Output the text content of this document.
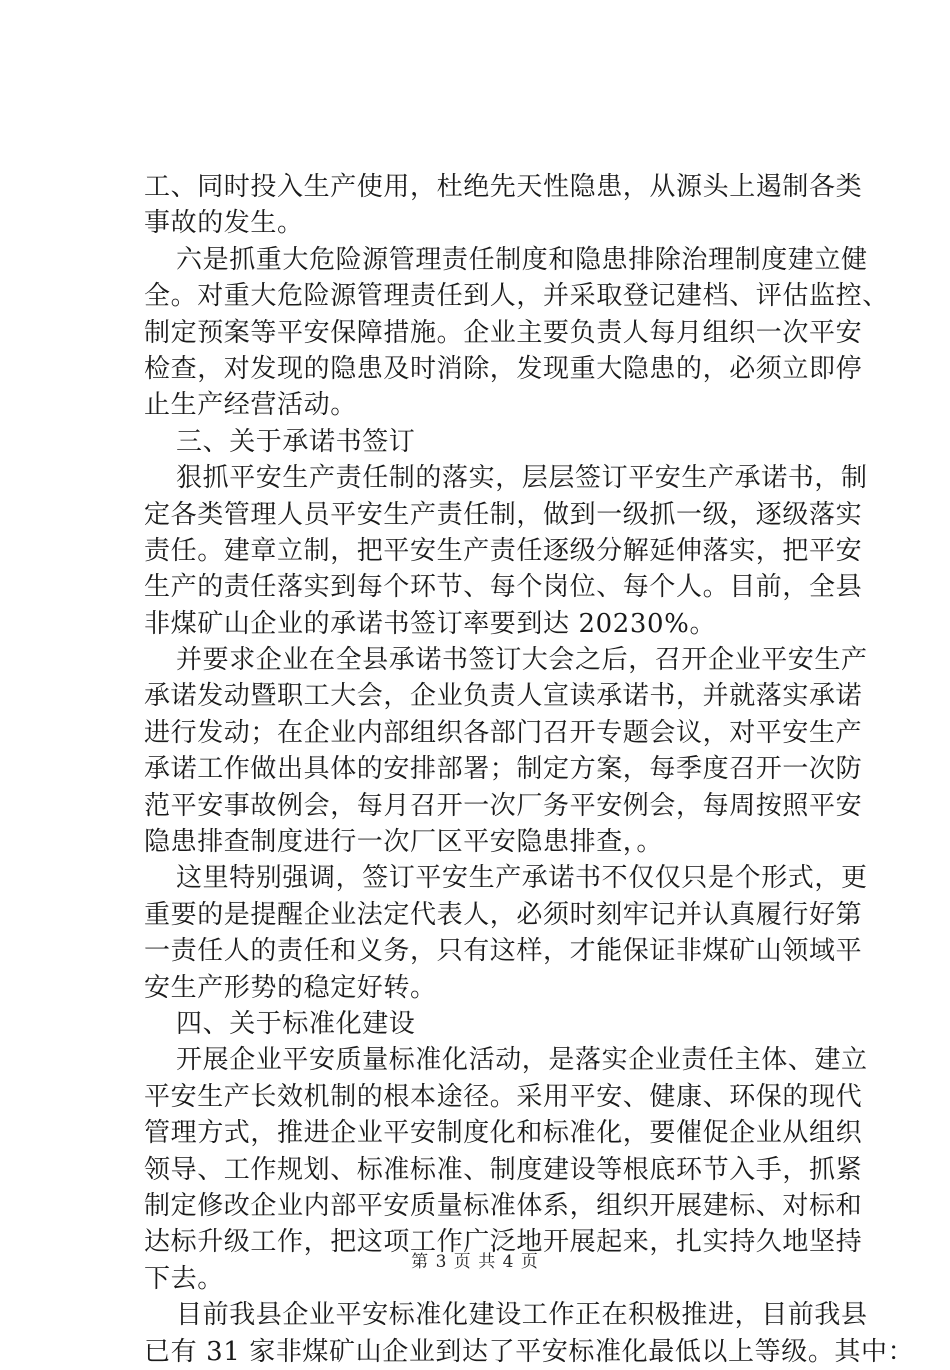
工、同时投入生产使用，杜绝先天性隐患，从源头上遏制各类
事故的发生。
六是抓重大危险源管理责任制度和隐患排除治理制度建立健
全。对重大危险源管理责任到人，并采取登记建档、评估监控、
制定预案等平安保障措施。企业主要负责人每月组织一次平安
检查，对发现的隐患及时消除，发现重大隐患的，必须立即停
止生产经营活动。
三、关于承诺书签订
狠抓平安生产责任制的落实，层层签订平安生产承诺书，制
定各类管理人员平安生产责任制，做到一级抓一级，逐级落实
责任。建章立制，把平安生产责任逐级分解延伸落实，把平安
生产的责任落实到每个环节、每个岗位、每个人。目前，全县
非煤矿山企业的承诺书签订率要到达 20230%。
并要求企业在全县承诺书签订大会之后，召开企业平安生产
承诺发动暨职工大会，企业负责人宣读承诺书，并就落实承诺
进行发动；在企业内部组织各部门召开专题会议，对平安生产
承诺工作做出具体的安排部署；制定方案，每季度召开一次防
范平安事故例会，每月召开一次厂务平安例会，每周按照平安
隐患排查制度进行一次厂区平安隐患排查，。
这里特别强调，签订平安生产承诺书不仅仅只是个形式，更
重要的是提醒企业法定代表人，必须时刻牢记并认真履行好第
一责任人的责任和义务，只有这样，才能保证非煤矿山领域平
安生产形势的稳定好转。
四、关于标准化建设
开展企业平安质量标准化活动，是落实企业责任主体、建立
平安生产长效机制的根本途径。采用平安、健康、环保的现代
管理方式，推进企业平安制度化和标准化，要催促企业从组织
领导、工作规划、标准标准、制度建设等根底环节入手，抓紧
制定修改企业内部平安质量标准体系，组织开展建标、对标和
达标升级工作，把这项工作广泛地开展起来，扎实持久地坚持
下去。
目前我县企业平安标准化建设工作正在积极推进，目前我县
已有 31 家非煤矿山企业到达了平安标准化最低以上等级。其中：
第 3 页 共 4 页
